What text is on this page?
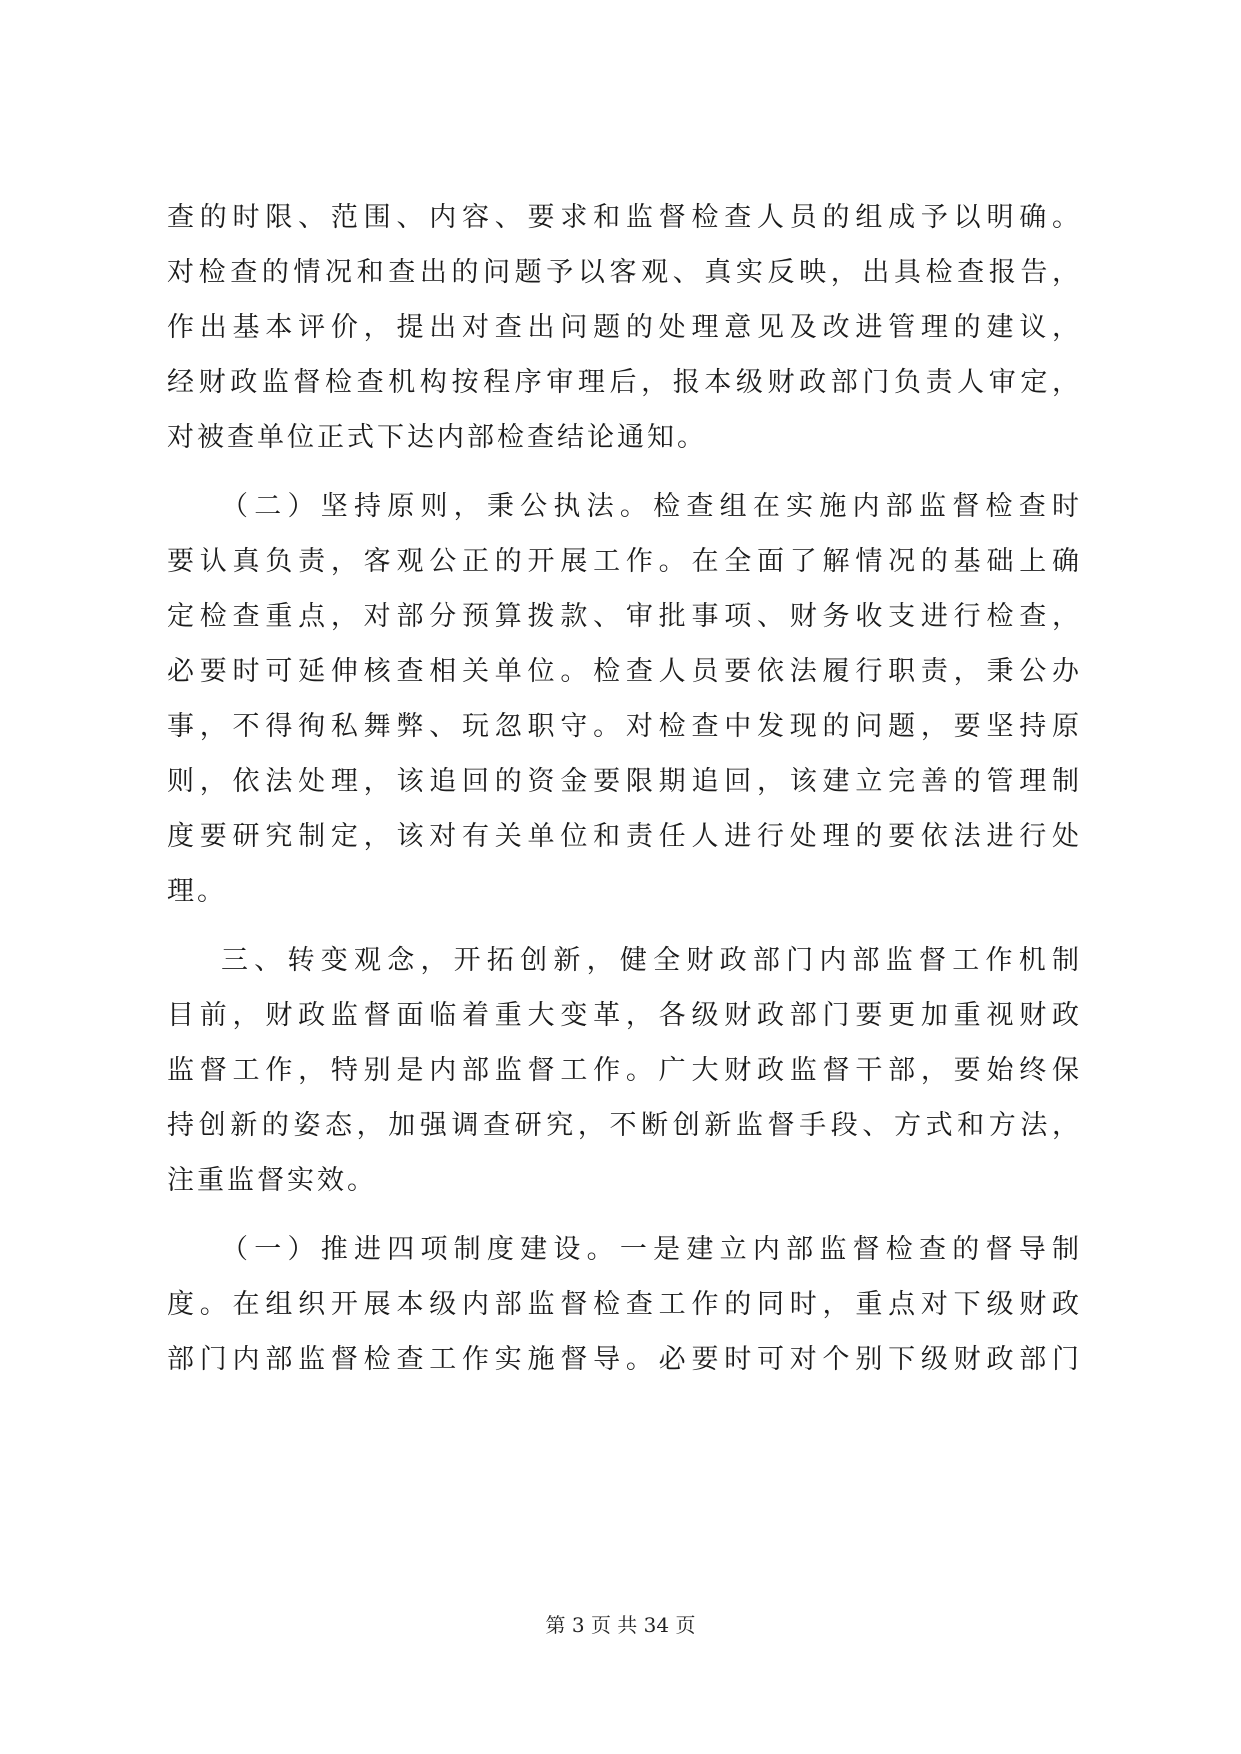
查的时限、范围、内容、要求和监督检查人员的组成予以明确。
对检查的情况和查出的问题予以客观、真实反映，出具检查报告，
作出基本评价，提出对查出问题的处理意见及改进管理的建议，
经财政监督检查机构按程序审理后，报本级财政部门负责人审定，
对被查单位正式下达内部检查结论通知。
（二）坚持原则，秉公执法。检查组在实施内部监督检查时
要认真负责，客观公正的开展工作。在全面了解情况的基础上确
定检查重点，对部分预算拨款、审批事项、财务收支进行检查，
必要时可延伸核查相关单位。检查人员要依法履行职责，秉公办
事，不得徇私舞弊、玩忽职守。对检查中发现的问题，要坚持原
则，依法处理，该追回的资金要限期追回，该建立完善的管理制
度要研究制定，该对有关单位和责任人进行处理的要依法进行处
理。
三、转变观念，开拓创新，健全财政部门内部监督工作机制
目前，财政监督面临着重大变革，各级财政部门要更加重视财政
监督工作，特别是内部监督工作。广大财政监督干部，要始终保
持创新的姿态，加强调查研究，不断创新监督手段、方式和方法，
注重监督实效。
（一）推进四项制度建设。一是建立内部监督检查的督导制
度。在组织开展本级内部监督检查工作的同时，重点对下级财政
部门内部监督检查工作实施督导。必要时可对个别下级财政部门
第 3 页 共 34 页
